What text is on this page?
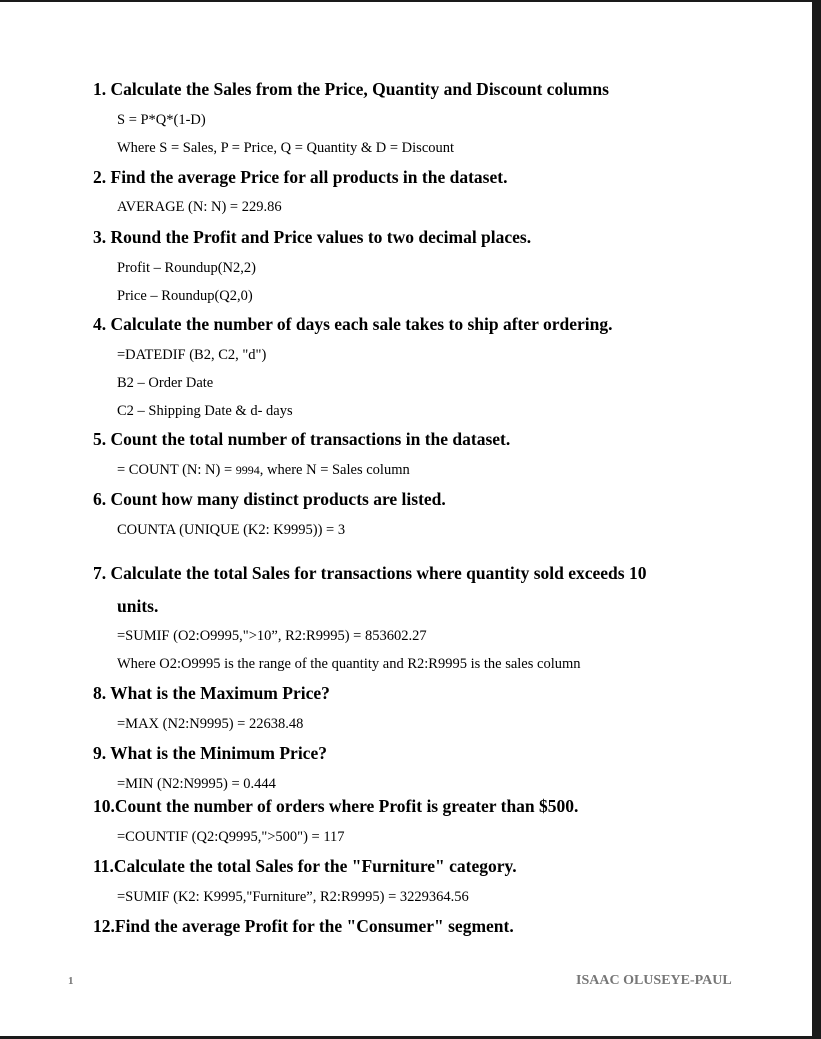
1. Calculate the Sales from the Price, Quantity and Discount columns
S = P*Q*(1-D)
Where S = Sales, P = Price, Q = Quantity & D = Discount
2. Find the average Price for all products in the dataset.
AVERAGE (N: N) = 229.86
3. Round the Profit and Price values to two decimal places.
Profit – Roundup(N2,2)
Price – Roundup(Q2,0)
4. Calculate the number of days each sale takes to ship after ordering.
=DATEDIF (B2, C2, "d")
B2 – Order Date
C2 – Shipping Date & d- days
5. Count the total number of transactions in the dataset.
= COUNT (N: N) = 9994, where N = Sales column
6. Count how many distinct products are listed.
COUNTA (UNIQUE (K2: K9995)) = 3
7. Calculate the total Sales for transactions where quantity sold exceeds 10
units.
=SUMIF (O2:O9995,">10”, R2:R9995) = 853602.27
Where O2:O9995 is the range of the quantity and R2:R9995 is the sales column
8. What is the Maximum Price?
=MAX (N2:N9995) = 22638.48
9. What is the Minimum Price?
=MIN (N2:N9995) = 0.444
10.Count the number of orders where Profit is greater than $500.
=COUNTIF (Q2:Q9995,">500") = 117
11.Calculate the total Sales for the "Furniture" category.
=SUMIF (K2: K9995,"Furniture”, R2:R9995) = 3229364.56
12.Find the average Profit for the "Consumer" segment.
1	ISAAC OLUSEYE-PAUL
